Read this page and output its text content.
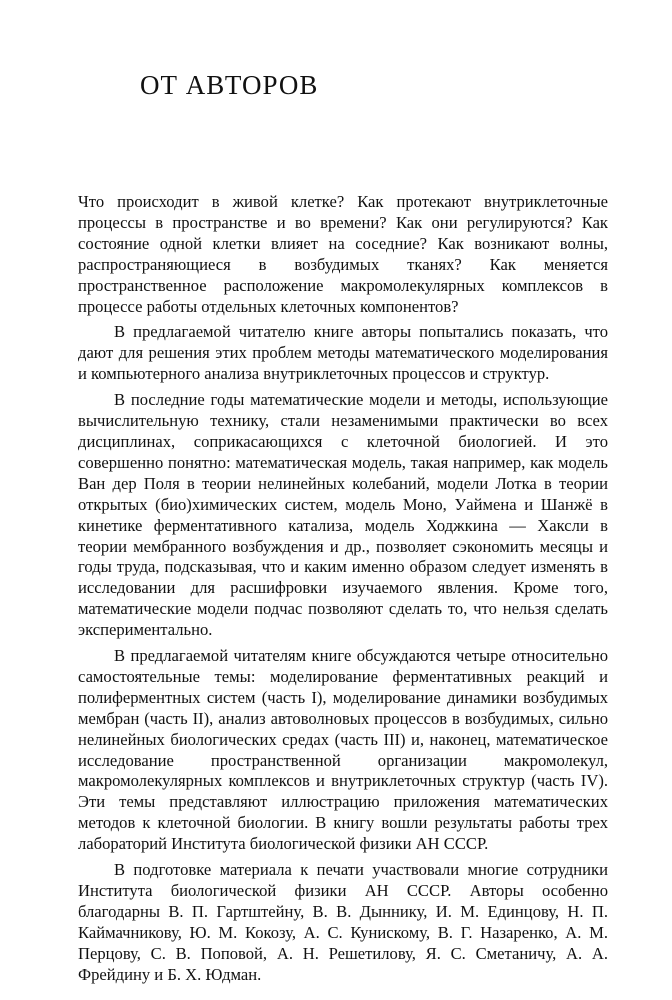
ОТ АВТОРОВ

Что происходит в живой клетке? Как протекают внутриклеточные процессы в пространстве и во времени? Как они регулируются? Как состояние одной клетки влияет на соседние? Как возникают волны, распространяющиеся в возбудимых тканях? Как меняется пространственное расположение макромолекулярных комплексов в процессе работы отдельных клеточных компонентов?

В предлагаемой читателю книге авторы попытались показать, что дают для решения этих проблем методы математического моделирования и компьютерного анализа внутриклеточных процессов и структур.

В последние годы математические модели и методы, использующие вычислительную технику, стали незаменимыми практически во всех дисциплинах, соприкасающихся с клеточной биологией. И это совершенно понятно: математическая модель, такая например, как модель Ван дер Поля в теории нелинейных колебаний, модели Лотка в теории открытых (био)химических систем, модель Моно, Уаймена и Шанжё в кинетике ферментативного катализа, модель Ходжкина — Хаксли в теории мембранного возбуждения и др., позволяет сэкономить месяцы и годы труда, подсказывая, что и каким именно образом следует изменять в исследовании для расшифровки изучаемого явления. Кроме того, математические модели подчас позволяют сделать то, что нельзя сделать экспериментально.

В предлагаемой читателям книге обсуждаются четыре относительно самостоятельные темы: моделирование ферментативных реакций и полиферментных систем (часть I), моделирование динамики возбудимых мембран (часть II), анализ автоволновых процессов в возбудимых, сильно нелинейных биологических средах (часть III) и, наконец, математическое исследование пространственной организации макромолекул, макромолекулярных комплексов и внутриклеточных структур (часть IV). Эти темы представляют иллюстрацию приложения математических методов к клеточной биологии. В книгу вошли результаты работы трех лабораторий Института биологической физики АН СССР.

В подготовке материала к печати участвовали многие сотрудники Института биологической физики АН СССР. Авторы особенно благодарны В. П. Гартштейну, В. В. Дыннику, И. М. Единцову, Н. П. Каймачникову, Ю. М. Кокозу, А. С. Кунискому, В. Г. Назаренко, А. М. Перцову, С. В. Поповой, А. Н. Решетилову, Я. С. Сметаничу, А. А. Фрейдину и Б. Х. Юдман.
